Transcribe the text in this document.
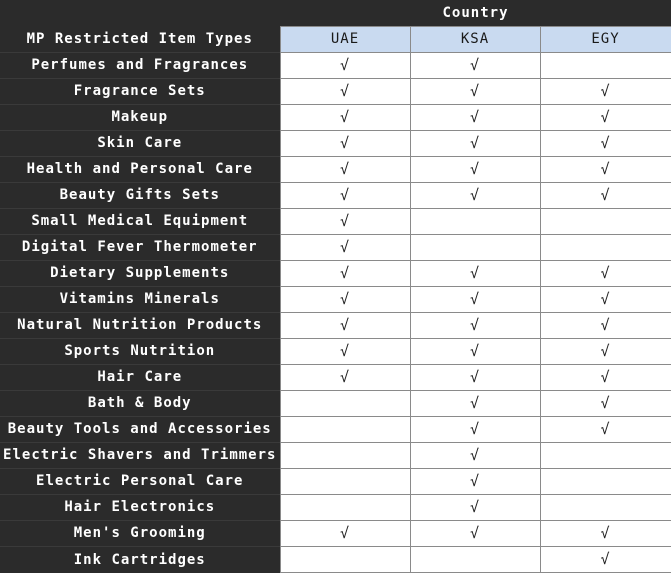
	Country		
MP Restricted Item Types	UAE	KSA	EGY
Perfumes and Fragrances	√	√	
Fragrance Sets	√	√	√
Makeup	√	√	√
Skin Care	√	√	√
Health and Personal Care	√	√	√
Beauty Gifts Sets	√	√	√
Small Medical Equipment	√		
Digital Fever Thermometer	√		
Dietary Supplements	√	√	√
Vitamins Minerals	√	√	√
Natural Nutrition Products	√	√	√
Sports Nutrition	√	√	√
Hair Care	√	√	√
Bath & Body		√	√
Beauty Tools and Accessories		√	√
Electric Shavers and Trimmers		√	
Electric Personal Care		√	
Hair Electronics		√	
Men's Grooming	√	√	√
Ink Cartridges			√
